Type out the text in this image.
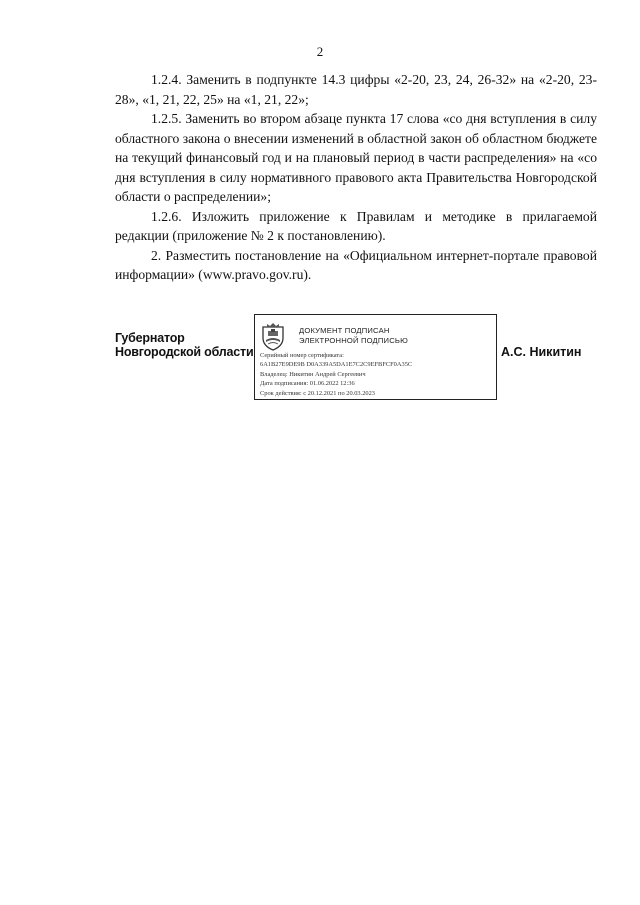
2

1.2.4. Заменить в подпункте 14.3 цифры «2-20, 23, 24, 26-32» на «2-20, 23-28», «1, 21, 22, 25» на «1, 21, 22»;

1.2.5. Заменить во втором абзаце пункта 17 слова «со дня вступления в силу областного закона о внесении изменений в областной закон об областном бюджете на текущий финансовый год и на плановый период в части распределения» на «со дня вступления в силу нормативного правового акта Правительства Новгородской области о распределении»;

1.2.6. Изложить приложение к Правилам и методике в прилагаемой редакции (приложение № 2 к постановлению).

2. Разместить постановление на «Официальном интернет-портале правовой информации» (www.pravo.gov.ru).

Губернатор
Новгородской области
ДОКУМЕНТ ПОДПИСАН
ЭЛЕКТРОННОЙ ПОДПИСЬЮ
Серийный номер сертификата:
6A1B27E9DE9B D0A339A5DA1E7C2C9EFBFCF0A35C
Владелец: Никитин Андрей Сергеевич
Дата подписания: 01.06.2022 12:36
Срок действия: с 20.12.2021 по 20.03.2023
А.С. Никитин
